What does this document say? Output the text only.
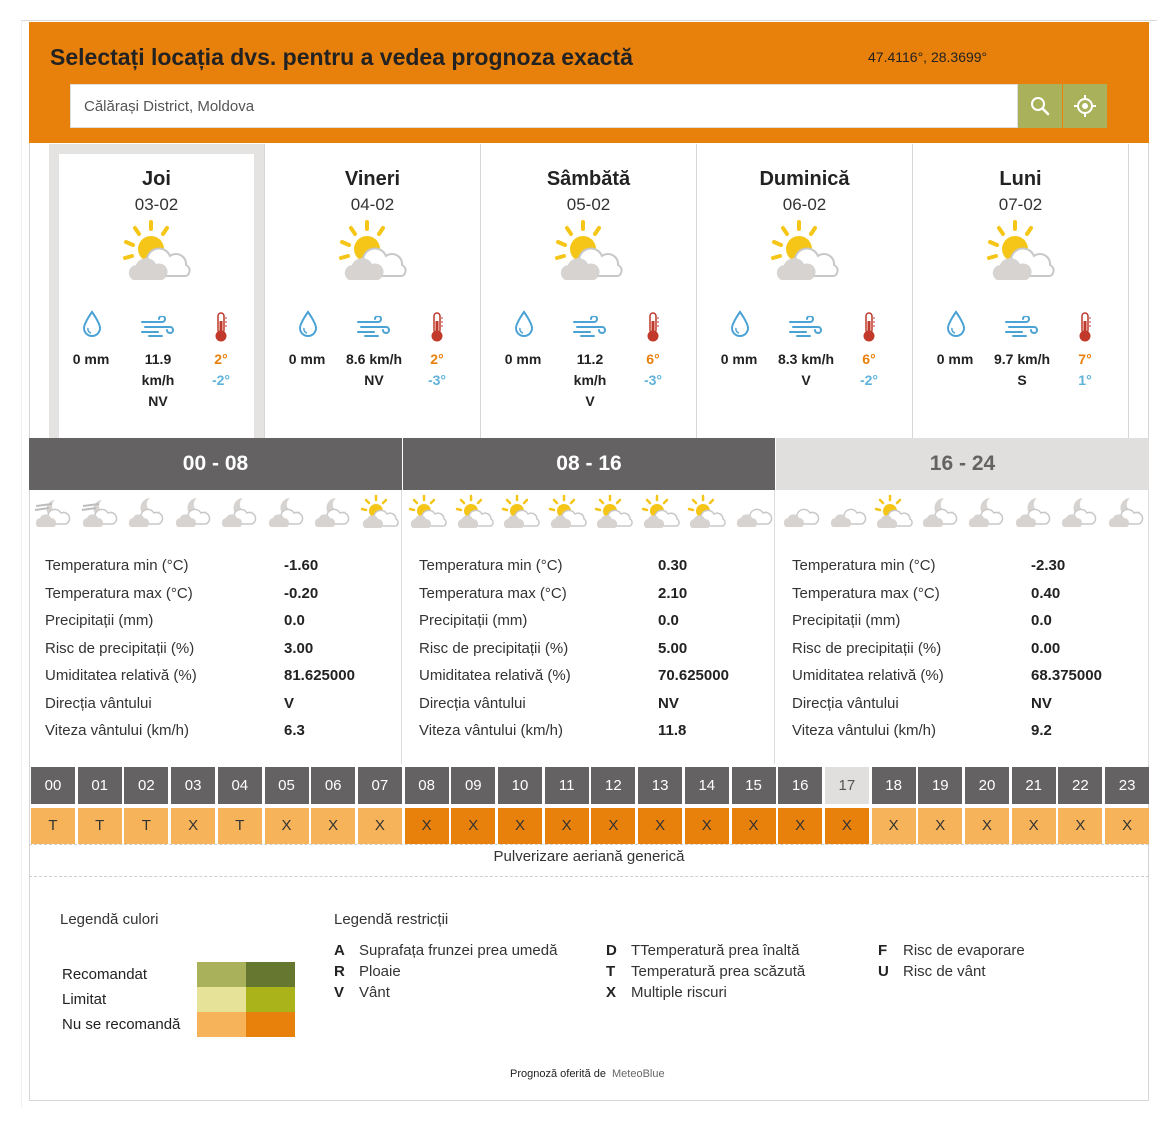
Selectați locația dvs. pentru a vedea prognoza exactă	47.4116°, 28.3699°
Călărași District, Moldova
Joi
03-02
0 mm	11.9
km/h
NV
2°
-2°
Vineri
04-02
0 mm	8.6 km/h
NV
2°
-3°
Sâmbătă
05-02
0 mm	11.2
km/h
V
6°
-3°
Duminică
06-02
0 mm	8.3 km/h
V
6°
-2°
Luni
07-02
0 mm	9.7 km/h
S
7°
1°
00 - 08
Temperatura min (°C)	-1.60
Temperatura max (°C)	-0.20
Precipitații (mm)	0.0
Risc de precipitații (%)	3.00
Umiditatea relativă (%)	81.625000
Direcția vântului	V
Viteza vântului (km/h)	6.3
08 - 16
Temperatura min (°C)	0.30
Temperatura max (°C)	2.10
Precipitații (mm)	0.0
Risc de precipitații (%)	5.00
Umiditatea relativă (%)	70.625000
Direcția vântului	NV
Viteza vântului (km/h)	11.8
16 - 24
Temperatura min (°C)	-2.30
Temperatura max (°C)	0.40
Precipitații (mm)	0.0
Risc de precipitații (%)	0.00
Umiditatea relativă (%)	68.375000
Direcția vântului	NV
Viteza vântului (km/h)	9.2
00
T
01
T
02
T
03
X
04
T
05
X
06
X
07
X
08
X
09
X
10
X
11
X
12
X
13
X
14
X
15
X
16
X
17
X
18
X
19
X
20
X
21
X
22
X
23
X
Pulverizare aeriană generică
Legendă culori
Recomandat
Limitat
Nu se recomandă
Legendă restricții
A Suprafața frunzei prea umedă
R Ploaie
V Vânt
D TTemperatură prea înaltă
T Temperatură prea scăzută
X Multiple riscuri
F Risc de evaporare
U Risc de vânt
Prognoză oferită de MeteoBlue
